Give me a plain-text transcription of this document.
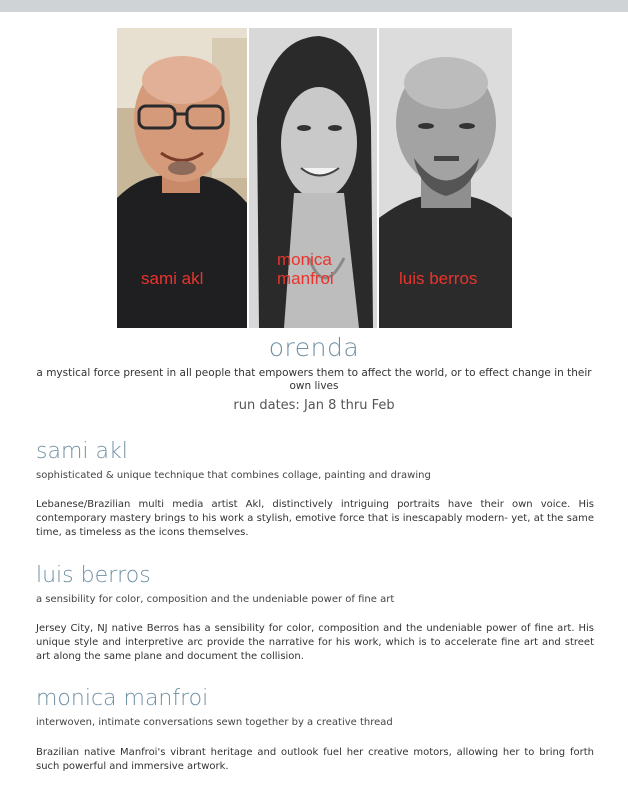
sami akl
monica
manfroi	luis berros
orenda
a mystical force present in all people that empowers them to affect the world, or to effect change in their own lives
run dates: Jan 8 thru Feb
sami akl
sophisticated & unique technique that combines collage, painting and drawing
Lebanese/Brazilian multi media artist Akl, distinctively intriguing portraits have their own voice. His contemporary mastery brings to his work a stylish, emotive force that is inescapably modern- yet, at the same time, as timeless as the icons themselves.
luis berros
a sensibility for color, composition and the undeniable power of fine art
Jersey City, NJ native Berros has a sensibility for color, composition and the undeniable power of fine art. His unique style and interpretive arc provide the narrative for his work, which is to accelerate fine art and street art along the same plane and document the collision.
monica manfroi
interwoven, intimate conversations sewn together by a creative thread
Brazilian native Manfroi's vibrant heritage and outlook fuel her creative motors, allowing her to bring forth such powerful and immersive artwork.
